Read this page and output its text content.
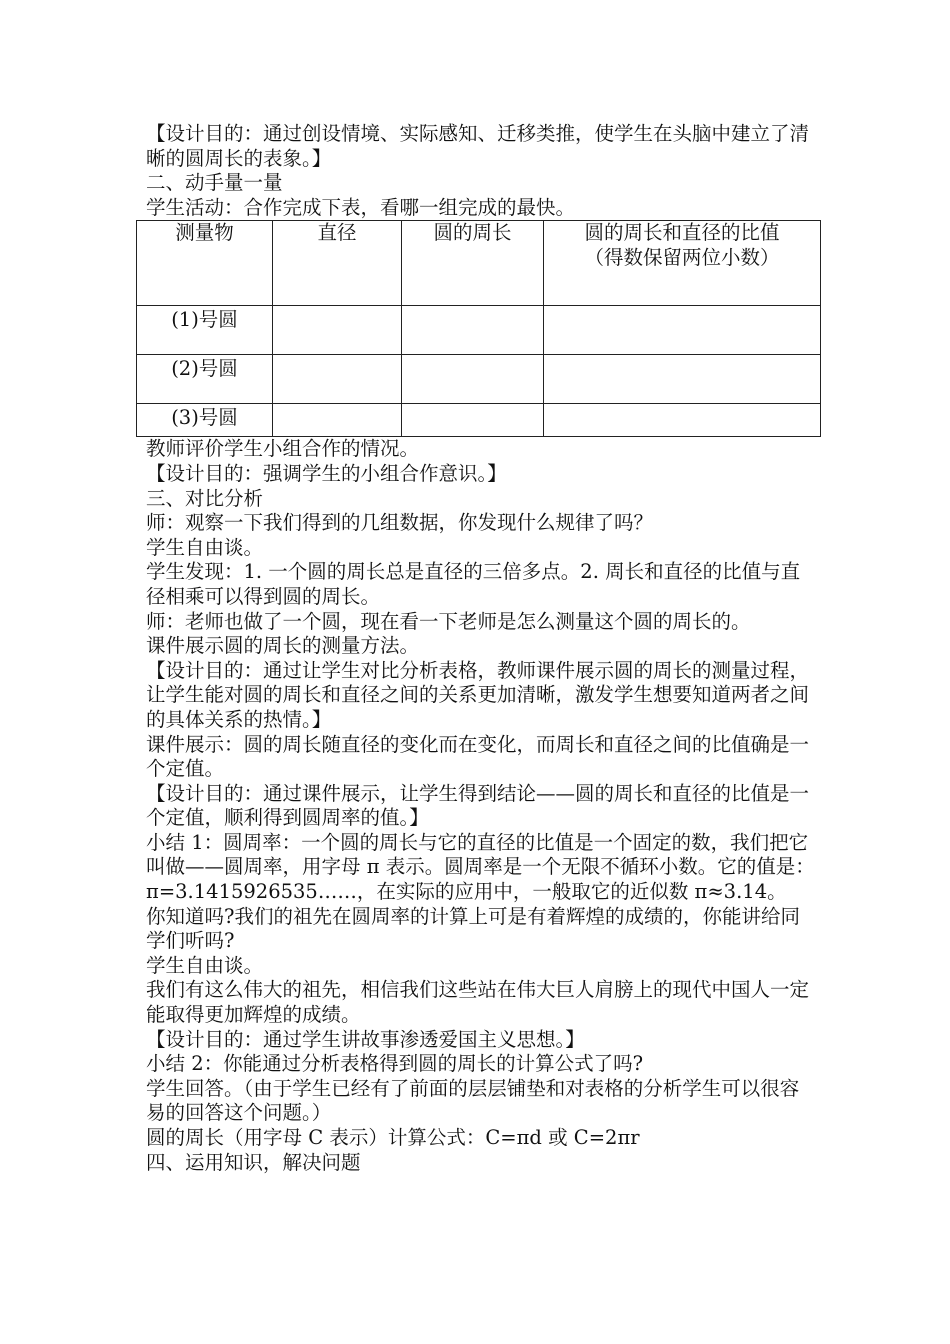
【设计目的：通过创设情境、实际感知、迁移类推，使学生在头脑中建立了清晰的圆周长的表象。】

二、动手量一量

学生活动：合作完成下表，看哪一组完成的最快。

测量物	直径	圆的周长	圆的周长和直径的比值
（得数保留两位小数）

(1)号圆			
(2)号圆			
(3)号圆			

教师评价学生小组合作的情况。

【设计目的：强调学生的小组合作意识。】

三、对比分析

师：观察一下我们得到的几组数据，你发现什么规律了吗？

学生自由谈。

学生发现：1. 一个圆的周长总是直径的三倍多点。2. 周长和直径的比值与直径相乘可以得到圆的周长。

师：老师也做了一个圆，现在看一下老师是怎么测量这个圆的周长的。

课件展示圆的周长的测量方法。

【设计目的：通过让学生对比分析表格，教师课件展示圆的周长的测量过程，让学生能对圆的周长和直径之间的关系更加清晰，激发学生想要知道两者之间的具体关系的热情。】

课件展示：圆的周长随直径的变化而在变化，而周长和直径之间的比值确是一个定值。

【设计目的：通过课件展示，让学生得到结论——圆的周长和直径的比值是一个定值，顺利得到圆周率的值。】

小结 1：圆周率：一个圆的周长与它的直径的比值是一个固定的数，我们把它叫做——圆周率，用字母 π 表示。圆周率是一个无限不循环小数。它的值是：π=3.1415926535……，在实际的应用中，一般取它的近似数 π≈3.14。

你知道吗?我们的祖先在圆周率的计算上可是有着辉煌的成绩的，你能讲给同学们听吗?

学生自由谈。

我们有这么伟大的祖先，相信我们这些站在伟大巨人肩膀上的现代中国人一定能取得更加辉煌的成绩。

【设计目的：通过学生讲故事渗透爱国主义思想。】

小结 2：你能通过分析表格得到圆的周长的计算公式了吗?

学生回答。（由于学生已经有了前面的层层铺垫和对表格的分析学生可以很容易的回答这个问题。）

圆的周长（用字母 C 表示）计算公式：C=πd 或 C=2πr

四、运用知识，解决问题
